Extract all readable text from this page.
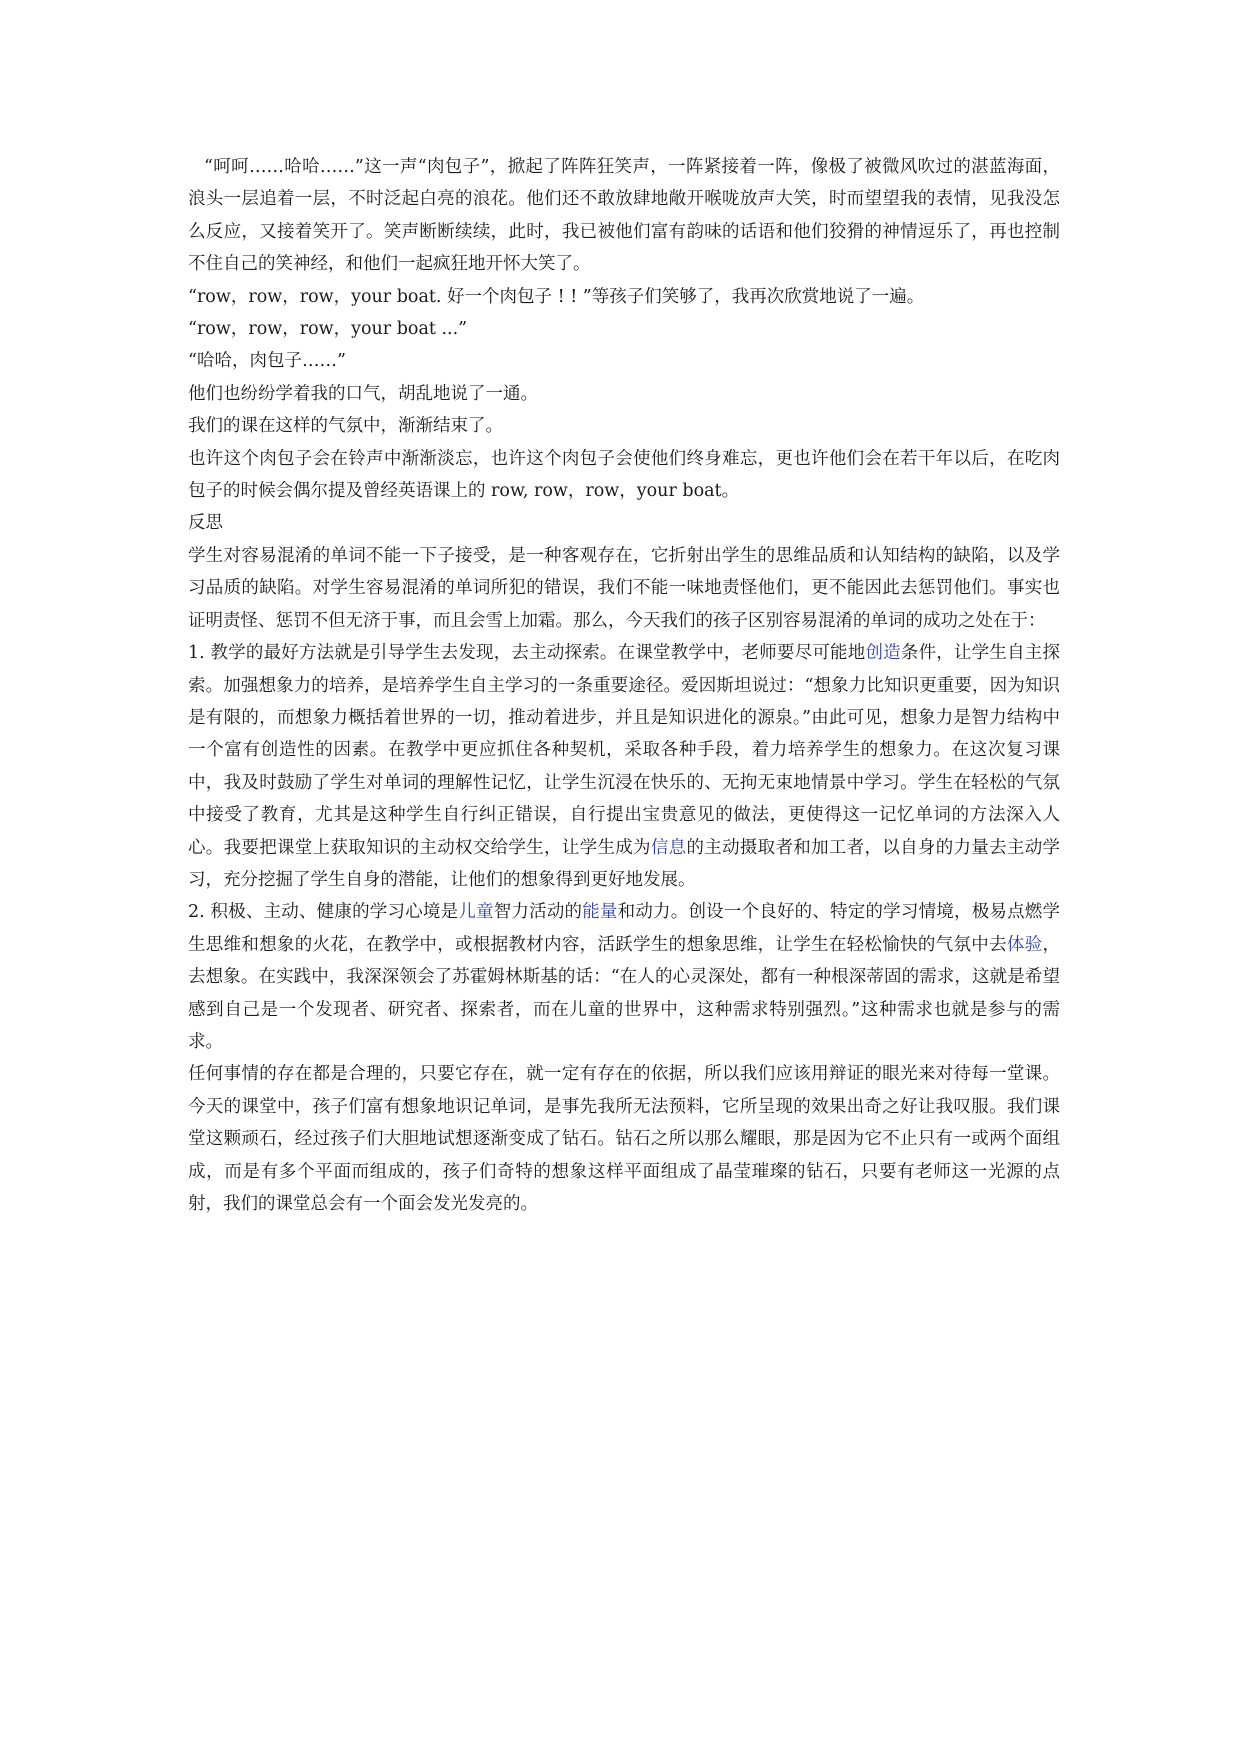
“呵呵……哈哈……”这一声“肉包子”，掀起了阵阵狂笑声，一阵紧接着一阵，像极了被微风吹过的湛蓝海面，浪头一层追着一层，不时泛起白亮的浪花。他们还不敢放肆地敞开喉咙放声大笑，时而望望我的表情，见我没怎么反应，又接着笑开了。笑声断断续续，此时，我已被他们富有韵味的话语和他们狡猾的神情逗乐了，再也控制不住自己的笑神经，和他们一起疯狂地开怀大笑了。

“row，row，row，your boat. 好一个肉包子 ! ! ”等孩子们笑够了，我再次欣赏地说了一遍。

“row，row，row，your boat ...”

“哈哈，肉包子……”

他们也纷纷学着我的口气，胡乱地说了一通。

我们的课在这样的气氛中，渐渐结束了。

也许这个肉包子会在铃声中渐渐淡忘，也许这个肉包子会使他们终身难忘，更也许他们会在若干年以后，在吃肉包子的时候会偶尔提及曾经英语课上的 row, row，row，your boat。

反思

学生对容易混淆的单词不能一下子接受，是一种客观存在，它折射出学生的思维品质和认知结构的缺陷，以及学习品质的缺陷。对学生容易混淆的单词所犯的错误，我们不能一味地责怪他们，更不能因此去惩罚他们。事实也证明责怪、惩罚不但无济于事，而且会雪上加霜。那么，今天我们的孩子区别容易混淆的单词的成功之处在于：

1. 教学的最好方法就是引导学生去发现，去主动探索。在课堂教学中，老师要尽可能地创造条件，让学生自主探索。加强想象力的培养，是培养学生自主学习的一条重要途径。爱因斯坦说过：“想象力比知识更重要，因为知识是有限的，而想象力概括着世界的一切，推动着进步，并且是知识进化的源泉。”由此可见，想象力是智力结构中一个富有创造性的因素。在教学中更应抓住各种契机，采取各种手段，着力培养学生的想象力。在这次复习课中，我及时鼓励了学生对单词的理解性记忆，让学生沉浸在快乐的、无拘无束地情景中学习。学生在轻松的气氛中接受了教育，尤其是这种学生自行纠正错误，自行提出宝贵意见的做法，更使得这一记忆单词的方法深入人心。我要把课堂上获取知识的主动权交给学生，让学生成为信息的主动摄取者和加工者，以自身的力量去主动学习，充分挖掘了学生自身的潜能，让他们的想象得到更好地发展。

2. 积极、主动、健康的学习心境是儿童智力活动的能量和动力。创设一个良好的、特定的学习情境，极易点燃学生思维和想象的火花，在教学中，或根据教材内容，活跃学生的想象思维，让学生在轻松愉快的气氛中去体验，去想象。在实践中，我深深领会了苏霍姆林斯基的话：“在人的心灵深处，都有一种根深蒂固的需求，这就是希望感到自己是一个发现者、研究者、探索者，而在儿童的世界中，这种需求特别强烈。”这种需求也就是参与的需求。

任何事情的存在都是合理的，只要它存在，就一定有存在的依据，所以我们应该用辩证的眼光来对待每一堂课。今天的课堂中，孩子们富有想象地识记单词，是事先我所无法预料，它所呈现的效果出奇之好让我叹服。我们课堂这颗顽石，经过孩子们大胆地试想逐渐变成了钻石。钻石之所以那么耀眼，那是因为它不止只有一或两个面组成，而是有多个平面而组成的，孩子们奇特的想象这样平面组成了晶莹璀璨的钻石，只要有老师这一光源的点射，我们的课堂总会有一个面会发光发亮的。
